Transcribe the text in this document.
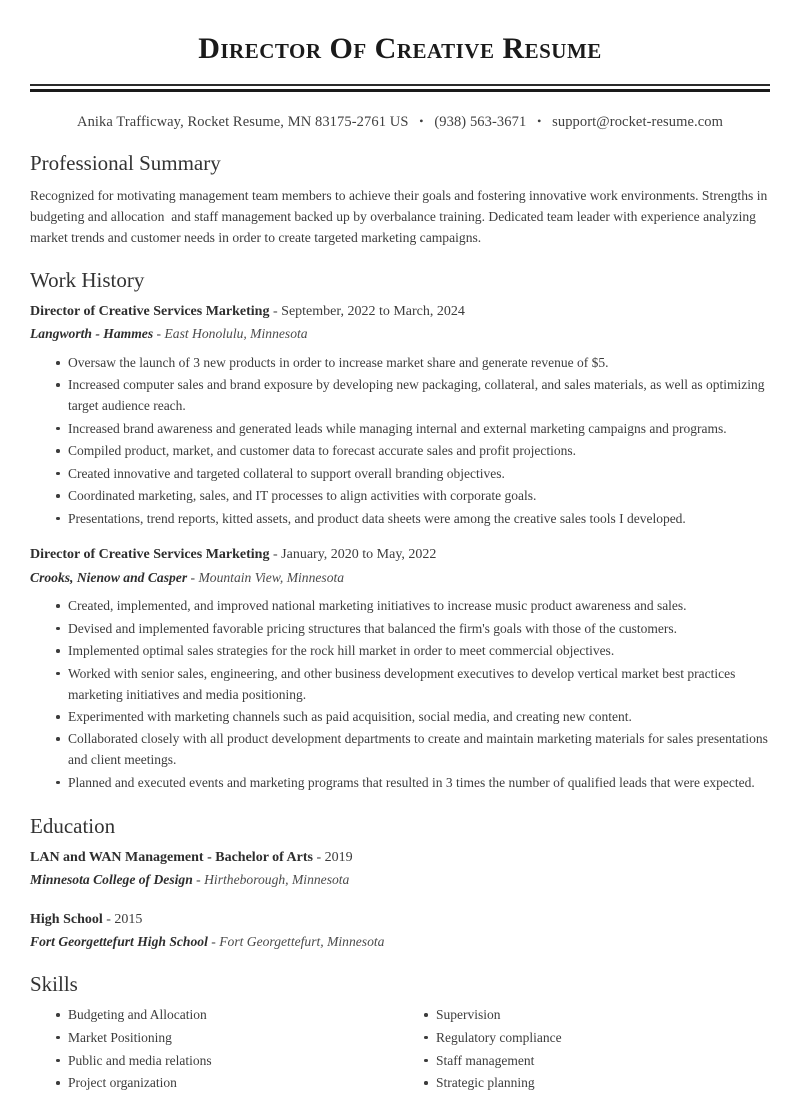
Director Of Creative Resume
Anika Trafficway, Rocket Resume, MN 83175-2761 US • (938) 563-3671 • support@rocket-resume.com
Professional Summary

Recognized for motivating management team members to achieve their goals and fostering innovative work environments. Strengths in budgeting and allocation  and staff management backed up by overbalance training. Dedicated team leader with experience analyzing market trends and customer needs in order to create targeted marketing campaigns.

Work History
Director of Creative Services Marketing - September, 2022 to March, 2024
Langworth - Hammes - East Honolulu, Minnesota
Oversaw the launch of 3 new products in order to increase market share and generate revenue of $5.
Increased computer sales and brand exposure by developing new packaging, collateral, and sales materials, as well as optimizing target audience reach.
Increased brand awareness and generated leads while managing internal and external marketing campaigns and programs.
Compiled product, market, and customer data to forecast accurate sales and profit projections.
Created innovative and targeted collateral to support overall branding objectives.
Coordinated marketing, sales, and IT processes to align activities with corporate goals.
Presentations, trend reports, kitted assets, and product data sheets were among the creative sales tools I developed.
Director of Creative Services Marketing - January, 2020 to May, 2022
Crooks, Nienow and Casper - Mountain View, Minnesota
Created, implemented, and improved national marketing initiatives to increase music product awareness and sales.
Devised and implemented favorable pricing structures that balanced the firm's goals with those of the customers.
Implemented optimal sales strategies for the rock hill market in order to meet commercial objectives.
Worked with senior sales, engineering, and other business development executives to develop vertical market best practices marketing initiatives and media positioning.
Experimented with marketing channels such as paid acquisition, social media, and creating new content.
Collaborated closely with all product development departments to create and maintain marketing materials for sales presentations and client meetings.
Planned and executed events and marketing programs that resulted in 3 times the number of qualified leads that were expected.
Education
LAN and WAN Management - Bachelor of Arts - 2019
Minnesota College of Design - Hirtheborough, Minnesota
High School - 2015
Fort Georgettefurt High School - Fort Georgettefurt, Minnesota
Skills
Budgeting and Allocation
Market Positioning
Public and media relations
Project organization
Supervision
Regulatory compliance
Staff management
Strategic planning
